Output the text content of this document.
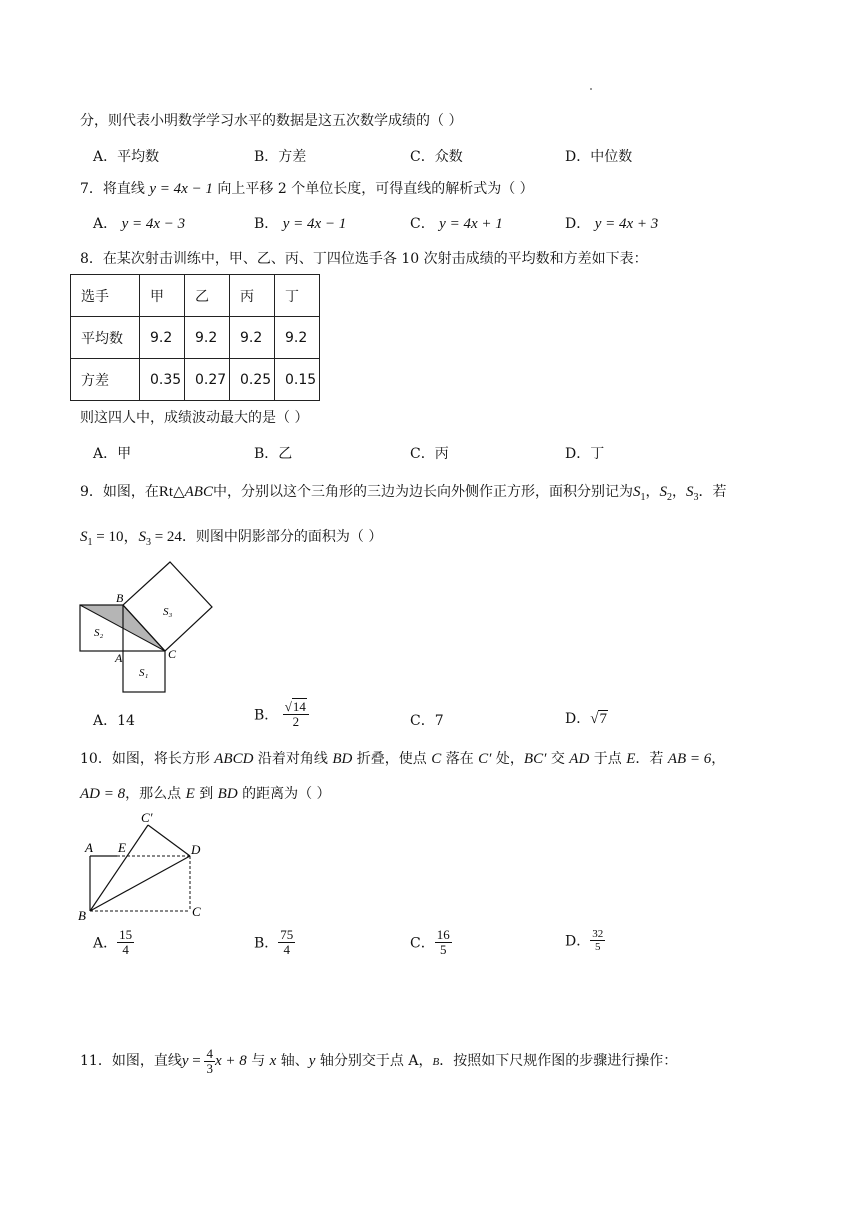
分，则代表小明数学学习水平的数据是这五次数学成绩的（ ）
A．平均数	B．方差	C．众数	D．中位数
7．将直线 y = 4x − 1 向上平移 2 个单位长度，可得直线的解析式为（ ）
A． y = 4x − 3	B． y = 4x − 1	C． y = 4x + 1	D． y = 4x + 3
8．在某次射击训练中，甲、乙、丙、丁四位选手各 10 次射击成绩的平均数和方差如下表：
选手	甲	乙	丙	丁
平均数	9.2	9.2	9.2	9.2
方差	0.35	0.27	0.25	0.15
则这四人中，成绩波动最大的是（ ）
A．甲	B．乙	C．丙	D．丁
9．如图，在Rt△ABC中，分别以这个三角形的三边为边长向外侧作正方形，面积分别记为$S_1$，$S_2$，$S_3$．若
$S_1 = 10$，$S_3 = 24$．则图中阴影部分的面积为（ ）
B
A	C
S₂
S₁
S₃
A．14	B． $\frac{√14}{2}$	C．7	D．√7
10．如图，将长方形 ABCD 沿着对角线 BD 折叠，使点 C 落在 C′ 处，BC′ 交 AD 于点 E．若 AB = 6，
AD = 8，那么点 E 到 BD 的距离为（ ）
C′
A E	D
B	C
A． $\frac{15}{4}$	B． $\frac{75}{4}$	C． $\frac{16}{5}$	D． $\frac{32}{5}$
11．如图，直线$y = \frac{4}{3}$ x + 8 与 x 轴、y 轴分别交于点 A，B．按照如下尺规作图的步骤进行操作：
